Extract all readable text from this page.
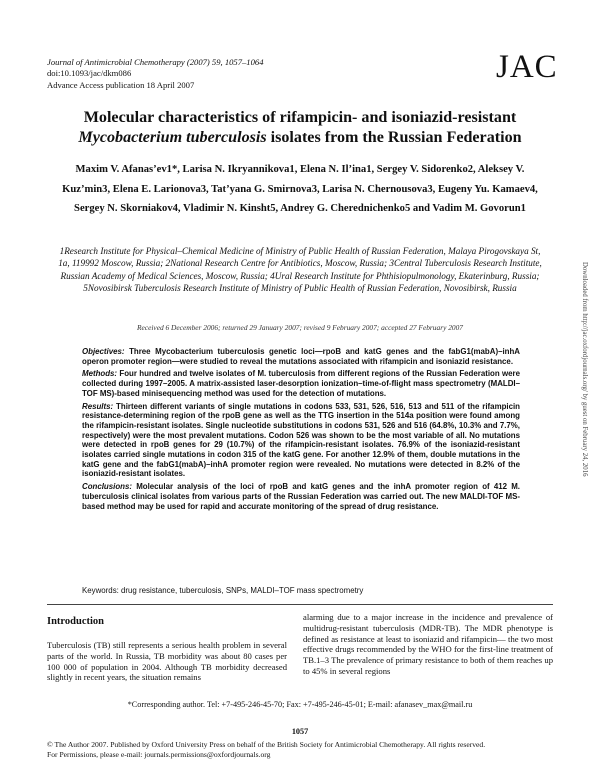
Journal of Antimicrobial Chemotherapy (2007) 59, 1057–1064
doi:10.1093/jac/dkm086
Advance Access publication 18 April 2007	JAC
Molecular characteristics of rifampicin- and isoniazid-resistant
Mycobacterium tuberculosis isolates from the Russian Federation
Maxim V. Afanas’ev1*, Larisa N. Ikryannikova1, Elena N. Il’ina1, Sergey V. Sidorenko2, Aleksey V. Kuz’min3, Elena E. Larionova3, Tat’yana G. Smirnova3, Larisa N. Chernousova3, Eugeny Yu. Kamaev4, Sergey N. Skorniakov4, Vladimir N. Kinsht5, Andrey G. Cherednichenko5 and Vadim M. Govorun1
1Research Institute for Physical–Chemical Medicine of Ministry of Public Health of Russian Federation, Malaya Pirogovskaya St, 1a, 119992 Moscow, Russia; 2National Research Centre for Antibiotics, Moscow, Russia; 3Central Tuberculosis Research Institute, Russian Academy of Medical Sciences, Moscow, Russia; 4Ural Research Institute for Phthisiopulmonology, Ekaterinburg, Russia; 5Novosibirsk Tuberculosis Research Institute of Ministry of Public Health of Russian Federation, Novosibirsk, Russia
Received 6 December 2006; returned 29 January 2007; revised 9 February 2007; accepted 27 February 2007

Objectives: Three Mycobacterium tuberculosis genetic loci—rpoB and katG genes and the fabG1(mabA)–inhA operon promoter region—were studied to reveal the mutations associated with rifampicin and isoniazid resistance.

Methods: Four hundred and twelve isolates of M. tuberculosis from different regions of the Russian Federation were collected during 1997–2005. A matrix-assisted laser-desorption ionization–time-of-flight mass spectrometry (MALDI–TOF MS)-based minisequencing method was used for the detection of mutations.

Results: Thirteen different variants of single mutations in codons 533, 531, 526, 516, 513 and 511 of the rifampicin resistance-determining region of the rpoB gene as well as the TTG insertion in the 514a position were found among the rifampicin-resistant isolates. Single nucleotide substitutions in codons 531, 526 and 516 (64.8%, 10.3% and 7.7%, respectively) were the most prevalent mutations. Codon 526 was shown to be the most variable of all. No mutations were detected in rpoB genes for 29 (10.7%) of the rifampicin-resistant isolates. 76.9% of the isoniazid-resistant isolates carried single mutations in codon 315 of the katG gene. For another 12.9% of them, double mutations in the katG gene and the fabG1(mabA)–inhA promoter region were revealed. No mutations were detected in 8.2% of the isoniazid-resistant isolates.

Conclusions: Molecular analysis of the loci of rpoB and katG genes and the inhA promoter region of 412 M. tuberculosis clinical isolates from various parts of the Russian Federation was carried out. The new MALDI-TOF MS-based method may be used for rapid and accurate monitoring of the spread of drug resistance.

Keywords: drug resistance, tuberculosis, SNPs, MALDI–TOF mass spectrometry
Introduction
Tuberculosis (TB) still represents a serious health problem in several parts of the world. In Russia, TB morbidity was about 80 cases per 100 000 of population in 2004. Although TB morbidity decreased slightly in recent years, the situation remains
alarming due to a major increase in the incidence and prevalence of multidrug-resistant tuberculosis (MDR-TB). The MDR phenotype is defined as resistance at least to isoniazid and rifampicin— the two most effective drugs recommended by the WHO for the first-line treatment of TB.1–3 The prevalence of primary resistance to both of them reaches up to 45% in several regions
*Corresponding author. Tel: +7-495-246-45-70; Fax: +7-495-246-45-01; E-mail: afanasev_max@mail.ru
1057
© The Author 2007. Published by Oxford University Press on behalf of the British Society for Antimicrobial Chemotherapy. All rights reserved.
For Permissions, please e-mail: journals.permissions@oxfordjournals.org
Downloaded from http://jac.oxfordjournals.org/ by guest on February 24, 2016
